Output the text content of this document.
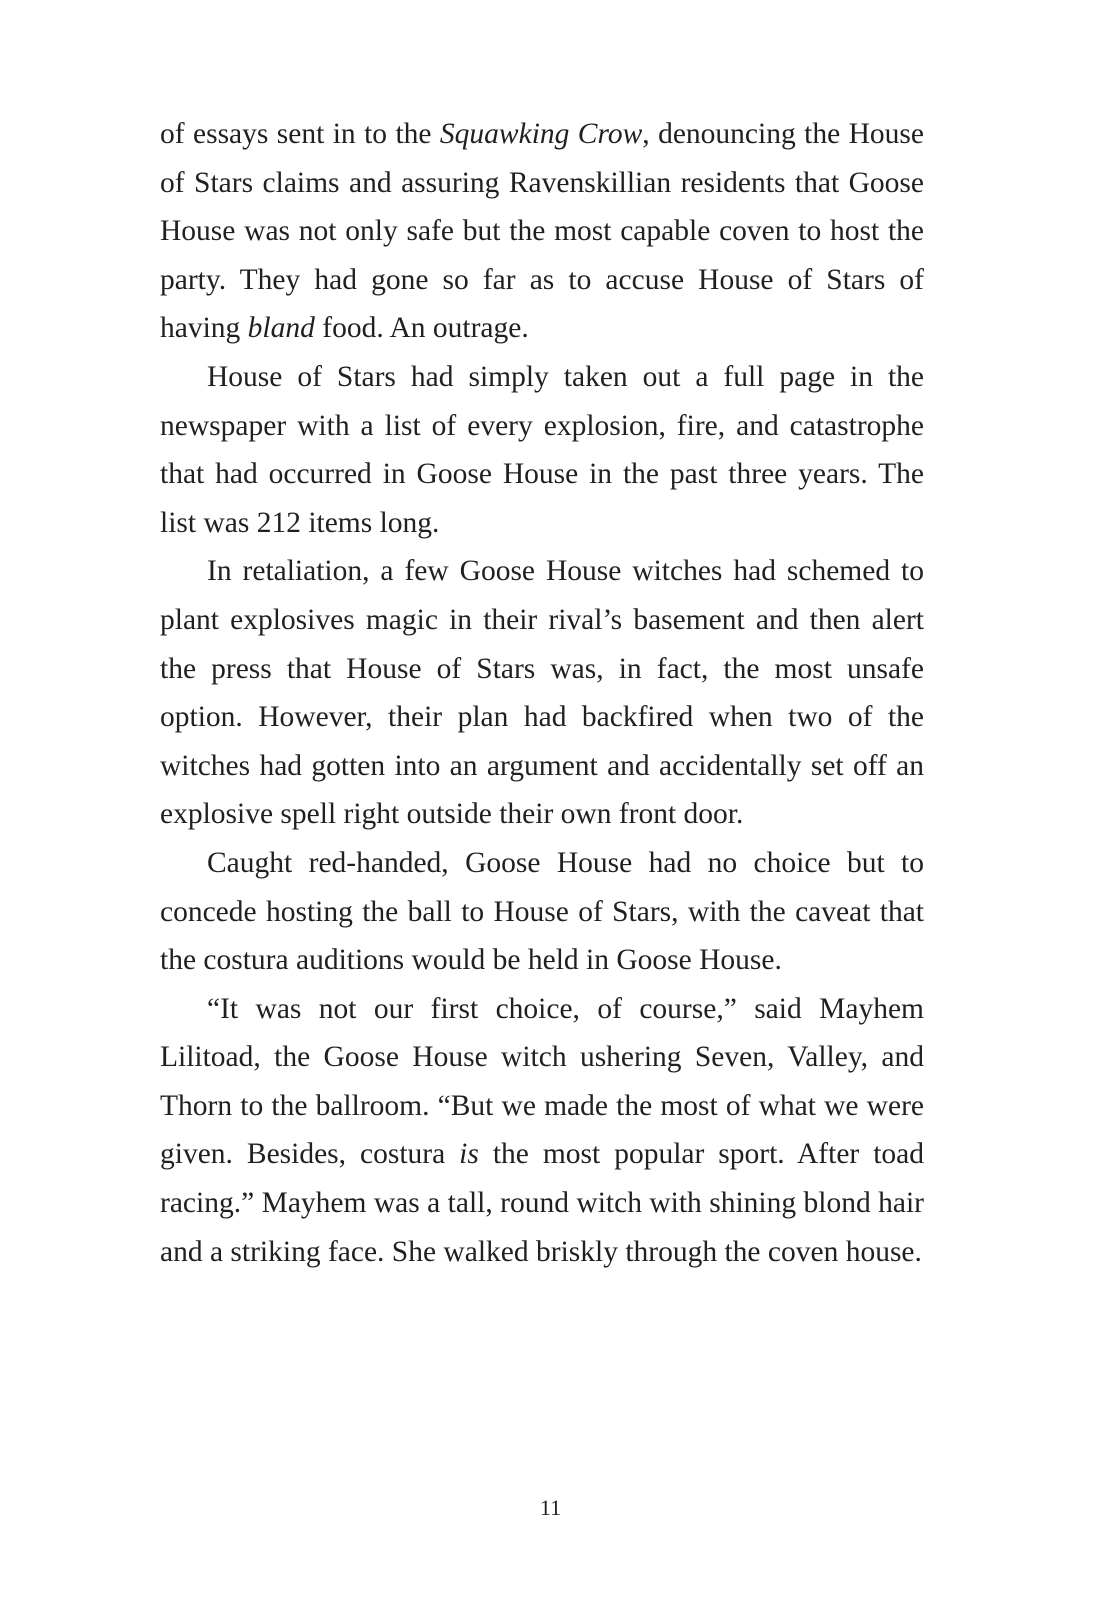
of essays sent in to the Squawking Crow, denouncing the House of Stars claims and assuring Ravenskillian residents that Goose House was not only safe but the most capable coven to host the party. They had gone so far as to accuse House of Stars of having bland food. An outrage.

House of Stars had simply taken out a full page in the newspaper with a list of every explosion, fire, and catastrophe that had occurred in Goose House in the past three years. The list was 212 items long.

In retaliation, a few Goose House witches had schemed to plant explosives magic in their rival’s basement and then alert the press that House of Stars was, in fact, the most unsafe option. However, their plan had backfired when two of the witches had gotten into an argument and accidentally set off an explosive spell right outside their own front door.

Caught red-handed, Goose House had no choice but to concede hosting the ball to House of Stars, with the caveat that the costura auditions would be held in Goose House.

“It was not our first choice, of course,” said Mayhem Lilitoad, the Goose House witch ushering Seven, Valley, and Thorn to the ballroom. “But we made the most of what we were given. Besides, costura is the most popular sport. After toad racing.” Mayhem was a tall, round witch with shining blond hair and a striking face. She walked briskly through the coven house.

11
